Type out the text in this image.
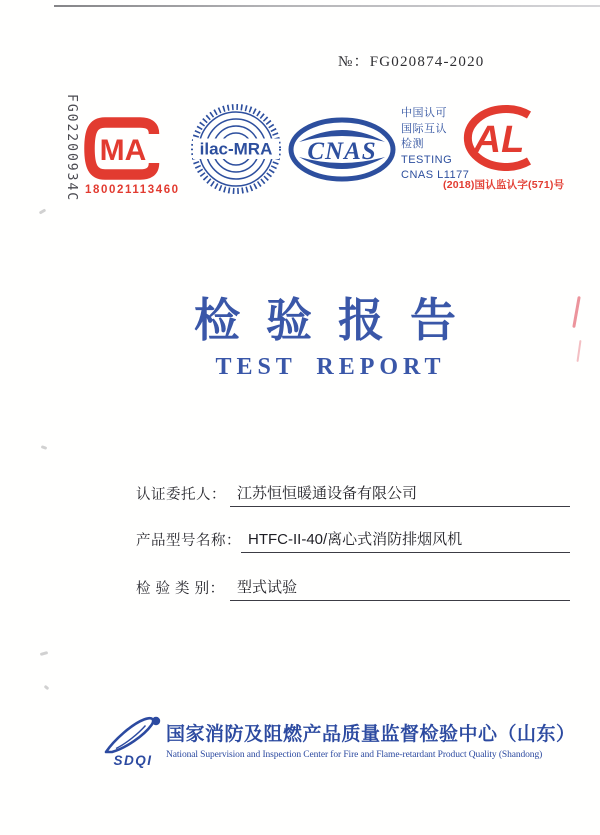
№：FG020874-2020
FG02200934C MA
180021113460
ilac-MRA CNAS
中国认可
国际互认
检测
TESTING
CNAS L1177
AL
(2018)国认监认字(571)号
检验报告
TEST REPORT
认证委托人： 江苏恒恒暖通设备有限公司
产品型号名称： HTFC-II-40/离心式消防排烟风机
检 验 类 别： 型式试验
SDQI
国家消防及阻燃产品质量监督检验中心（山东）
National Supervision and Inspection Center for Fire and Flame-retardant Product Quality (Shandong)
